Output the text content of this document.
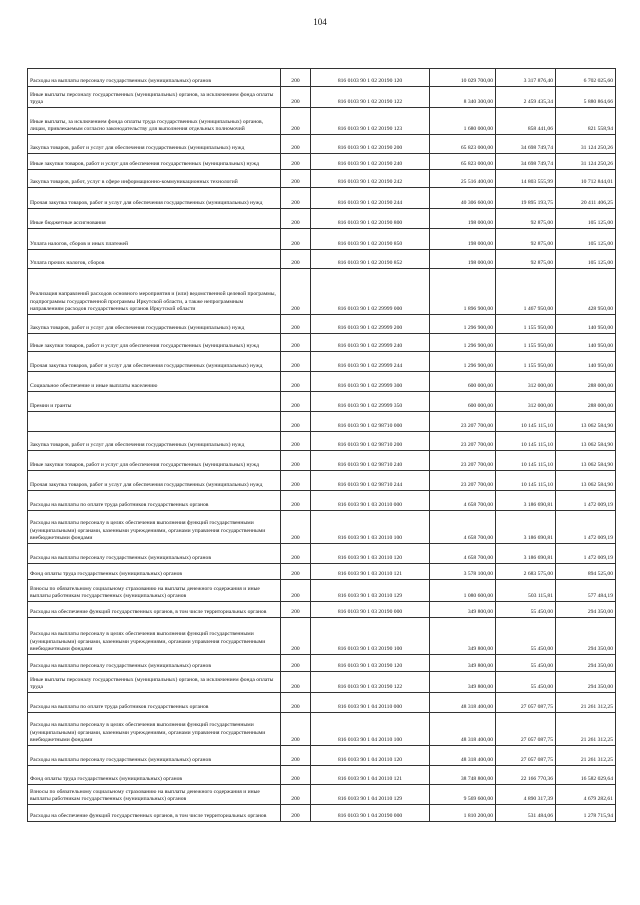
104
Расходы на выплаты персоналу государственных (муниципальных) органов	200	816 0103 90 1 02 20190 120	10 029 700,00	3 317 876,40	6 702 025,60
Иные выплаты персоналу государственных (муниципальных) органов, за исключением фонда оплаты труда	200	816 0103 90 1 02 20190 122	8 340 300,00	2 459 435,34	5 880 864,66
Иные выплаты, за исключением фонда оплаты труда государственных (муниципальных) органов, лицам, привлекаемым согласно законодательству для выполнения отдельных полномочий	200	816 0103 90 1 02 20190 123	1 680 000,00	858 441,06	821 558,94
Закупка товаров, работ и услуг для обеспечения государственных (муниципальных) нужд	200	816 0103 90 1 02 20190 200	65 823 000,00	34 698 749,74	31 124 250,26
Иные закупки товаров, работ и услуг для обеспечения государственных (муниципальных) нужд	200	816 0103 90 1 02 20190 240	65 823 000,00	34 698 749,74	31 124 250,26
Закупка товаров, работ, услуг в сфере информационно-коммуникационных технологий	200	816 0103 90 1 02 20190 242	25 516 400,00	14 803 555,99	10 712 844,01
Прочая закупка товаров, работ и услуг для обеспечения государственных (муниципальных) нужд	200	816 0103 90 1 02 20190 244	40 306 600,00	19 895 193,75	20 411 406,25
Иные бюджетные ассигнования	200	816 0103 90 1 02 20190 800	198 000,00	92 875,00	105 125,00
Уплата налогов, сборов и иных платежей	200	816 0103 90 1 02 20190 850	198 000,00	92 875,00	105 125,00
Уплата прочих налогов, сборов	200	816 0103 90 1 02 20190 852	198 000,00	92 875,00	105 125,00
Реализация направлений расходов основного мероприятия и (или) ведомственной целевой программы, подпрограммы государственной программы Иркутской области, а также непрограммным направлениям расходов государственных органов Иркутской области	200	816 0103 90 1 02 29999 000	1 896 900,00	1 467 950,00	428 950,00
Закупка товаров, работ и услуг для обеспечения государственных (муниципальных) нужд	200	816 0103 90 1 02 29999 200	1 296 900,00	1 155 950,00	140 950,00
Иные закупки товаров, работ и услуг для обеспечения государственных (муниципальных) нужд	200	816 0103 90 1 02 29999 240	1 296 900,00	1 155 950,00	140 950,00
Прочая закупка товаров, работ и услуг для обеспечения государственных (муниципальных) нужд	200	816 0103 90 1 02 29999 244	1 296 900,00	1 155 950,00	140 950,00
Социальное обеспечение и иные выплаты населению	200	816 0103 90 1 02 29999 300	600 000,00	312 000,00	288 000,00
Премии и гранты	200	816 0103 90 1 02 29999 350	600 000,00	312 000,00	288 000,00
	200	816 0103 90 1 02 98710 000	23 207 700,00	10 145 115,10	13 062 584,90
Закупка товаров, работ и услуг для обеспечения государственных (муниципальных) нужд	200	816 0103 90 1 02 98710 200	23 207 700,00	10 145 115,10	13 062 584,90
Иные закупки товаров, работ и услуг для обеспечения государственных (муниципальных) нужд	200	816 0103 90 1 02 98710 240	23 207 700,00	10 145 115,10	13 062 584,90
Прочая закупка товаров, работ и услуг для обеспечения государственных (муниципальных) нужд	200	816 0103 90 1 02 98710 244	23 207 700,00	10 145 115,10	13 062 584,90
Расходы на выплаты по оплате труда работников государственных органов	200	816 0103 90 1 03 20110 000	4 658 700,00	3 186 690,81	1 472 009,19
Расходы на выплаты персоналу в целях обеспечения выполнения функций государственными (муниципальными) органами, казенными учреждениями, органами управления государственными внебюджетными фондами	200	816 0103 90 1 03 20110 100	4 658 700,00	3 186 690,81	1 472 009,19
Расходы на выплаты персоналу государственных (муниципальных) органов	200	816 0103 90 1 03 20110 120	4 658 700,00	3 186 690,81	1 472 009,19
Фонд оплаты труда государственных (муниципальных) органов	200	816 0103 90 1 03 20110 121	3 578 100,00	2 683 575,00	894 525,00
Взносы по обязательному социальному страхованию на выплаты денежного содержания и иные выплаты работникам государственных (муниципальных) органов	200	816 0103 90 1 03 20110 129	1 080 600,00	503 115,81	577 484,19
Расходы на обеспечение функций государственных органов, в том числе территориальных органов	200	816 0103 90 1 03 20190 000	349 800,00	55 450,00	294 350,00
Расходы на выплаты персоналу в целях обеспечения выполнения функций государственными (муниципальными) органами, казенными учреждениями, органами управления государственными внебюджетными фондами	200	816 0103 90 1 03 20190 100	349 800,00	55 450,00	294 350,00
Расходы на выплаты персоналу государственных (муниципальных) органов	200	816 0103 90 1 03 20190 120	349 800,00	55 450,00	294 350,00
Иные выплаты персоналу государственных (муниципальных) органов, за исключением фонда оплаты труда	200	816 0103 90 1 03 20190 122	349 800,00	55 450,00	294 350,00
Расходы на выплаты по оплате труда работников государственных органов	200	816 0103 90 1 04 20110 000	48 318 400,00	27 057 087,75	21 261 312,25
Расходы на выплаты персоналу в целях обеспечения выполнения функций государственными (муниципальными) органами, казенными учреждениями, органами управления государственными внебюджетными фондами	200	816 0103 90 1 04 20110 100	48 318 400,00	27 057 087,75	21 261 312,25
Расходы на выплаты персоналу государственных (муниципальных) органов	200	816 0103 90 1 04 20110 120	48 318 400,00	27 057 087,75	21 261 312,25
Фонд оплаты труда государственных (муниципальных) органов	200	816 0103 90 1 04 20110 121	38 748 800,00	22 166 770,36	16 582 029,64
Взносы по обязательному социальному страхованию на выплаты денежного содержания и иные выплаты работникам государственных (муниципальных) органов	200	816 0103 90 1 04 20110 129	9 569 600,00	4 890 317,39	4 679 282,61
Расходы на обеспечение функций государственных органов, в том числе территориальных органов	200	816 0103 90 1 04 20190 000	1 810 200,00	531 484,06	1 278 715,94
